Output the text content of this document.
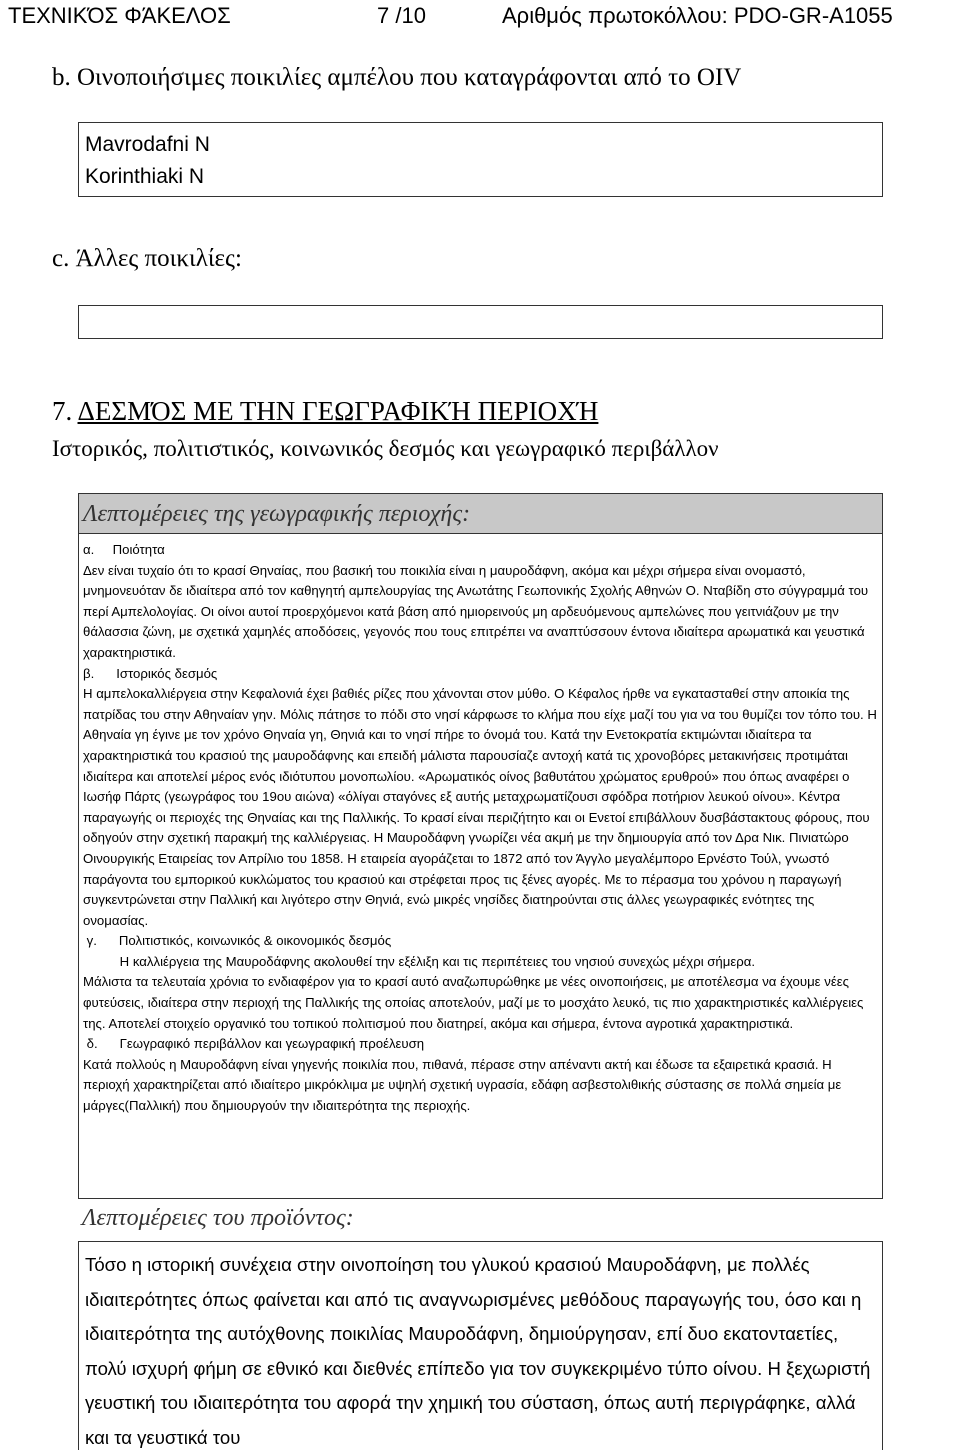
ΤΕΧΝΙΚΌΣ ΦΆΚΕΛΟΣ	7 /10	Αριθμός πρωτοκόλλου: PDO-GR-A1055
b. Οινοποιήσιμες ποικιλίες αμπέλου που καταγράφονται από το OIV
Mavrodafni N
Korinthiaki N
c. Άλλες ποικιλίες:
7. ΔΕΣΜΌΣ ΜΕ ΤΗΝ ΓΕΩΓΡΑΦΙΚΉ ΠΕΡΙΟΧΉ
Ιστορικός, πολιτιστικός, κοινωνικός δεσμός και γεωγραφικό περιβάλλον
Λεπτομέρειες της γεωγραφικής περιοχής:

α.     Ποιότητα

Δεν είναι τυχαίο ότι το κρασί Θηναίας, που βασική του ποικιλία είναι η μαυροδάφνη, ακόμα και μέχρι σήμερα είναι ονομαστό, μνημονευόταν δε ιδιαίτερα από τον καθηγητή αμπελουργίας της Ανωτάτης Γεωπονικής Σχολής Αθηνών Ο. Νταβίδη στο σύγγραμμά του περί Αμπελολογίας. Οι οίνοι αυτοί προερχόμενοι κατά βάση από ημιορεινούς μη αρδευόμενους αμπελώνες που γειτνιάζουν με την θάλασσια ζώνη, με σχετικά χαμηλές αποδόσεις, γεγονός που τους επιτρέπει να αναπτύσσουν έντονα ιδιαίτερα αρωματικά και γευστικά χαρακτηριστικά.

β.      Ιστορικός δεσμός

Η αμπελοκαλλιέργεια στην Κεφαλονιά έχει βαθιές ρίζες που χάνονται στον μύθο. Ο Κέφαλος ήρθε να εγκατασταθεί στην αποικία της πατρίδας του στην Αθηναίαν γην. Μόλις πάτησε το πόδι στο νησί κάρφωσε το κλήμα που είχε μαζί του για να του θυμίζει τον τόπο του. Η Αθηναία γη έγινε με τον χρόνο Θηναία γη, Θηνιά και το νησί πήρε το όνομά του. Κατά την Ενετοκρατία εκτιμώνται ιδιαίτερα τα χαρακτηριστικά του κρασιού της μαυροδάφνης και επειδή μάλιστα παρουσίαζε αντοχή κατά τις χρονοβόρες μετακινήσεις προτιμάται ιδιαίτερα και αποτελεί μέρος ενός ιδιότυπου μονοπωλίου. «Αρωματικός οίνος βαθυτάτου χρώματος ερυθρού» που όπως αναφέρει ο Ιωσήφ Πάρτς (γεωγράφος του 19ου αιώνα) «όλίγαι σταγόνες εξ αυτής μεταχρωματίζουσι σφόδρα ποτήριον λευκού οίνου». Κέντρα παραγωγής οι περιοχές της Θηναίας και της Παλλικής. Το κρασί είναι περιζήτητο και οι Ενετοί επιβάλλουν δυσβάστακτους φόρους, που οδηγούν στην σχετική παρακμή της καλλιέργειας. Η Μαυροδάφνη γνωρίζει νέα ακμή με την δημιουργία από τον Δρα Νικ. Πινιατώρο Οινουργικής Εταιρείας τον Απρίλιο του 1858. Η εταιρεία αγοράζεται το 1872 από τον Άγγλο μεγαλέμπορο Ερνέστο Τούλ, γνωστό παράγοντα του εμπορικού κυκλώματος του κρασιού και στρέφεται προς τις ξένες αγορές. Με το πέρασμα του χρόνου η παραγωγή συγκεντρώνεται στην Παλλική και λιγότερο στην Θηνιά, ενώ μικρές νησίδες διατηρούνται στις άλλες γεωγραφικές ενότητες της ονομασίας.

γ.      Πολιτιστικός, κοινωνικός & οικονομικός δεσμός

Η καλλιέργεια της Μαυροδάφνης ακολουθεί την εξέλιξη και τις περιπέτειες του νησιού συνεχώς μέχρι σήμερα.

Μάλιστα τα τελευταία χρόνια το ενδιαφέρον για το κρασί αυτό αναζωπυρώθηκε με νέες οινοποιήσεις, με αποτέλεσμα να έχουμε νέες φυτεύσεις, ιδιαίτερα στην περιοχή της Παλλικής της οποίας αποτελούν, μαζί με το μοσχάτο λευκό, τις πιο χαρακτηριστικές καλλιέργειες της. Αποτελεί στοιχείο οργανικό του τοπικού πολιτισμού που διατηρεί, ακόμα και σήμερα, έντονα αγροτικά χαρακτηριστικά.

δ.      Γεωγραφικό περιβάλλον και γεωγραφική προέλευση

Κατά πολλούς η Μαυροδάφνη είναι γηγενής ποικιλία που, πιθανά, πέρασε στην απέναντι ακτή και έδωσε τα εξαιρετικά κρασιά. Η περιοχή χαρακτηρίζεται από ιδιαίτερο μικρόκλιμα με υψηλή σχετική υγρασία, εδάφη ασβεστολιθικής σύστασης σε πολλά σημεία με μάργες(Παλλική) που δημιουργούν την ιδιαιτερότητα της περιοχής.

Λεπτομέρειες του προϊόντος:
Τόσο η ιστορική συνέχεια στην οινοποίηση του γλυκού κρασιού Μαυροδάφνη, με πολλές ιδιαιτερότητες όπως φαίνεται και από τις αναγνωρισμένες μεθόδους παραγωγής του, όσο και η ιδιαιτερότητα της αυτόχθονης ποικιλίας Μαυροδάφνη, δημιούργησαν, επί δυο εκατονταετίες, πολύ ισχυρή φήμη σε εθνικό και διεθνές επίπεδο για τον συγκεκριμένο τύπο οίνου. Η ξεχωριστή γευστική του ιδιαιτερότητα του αφορά την χημική του σύσταση, όπως αυτή περιγράφηκε, αλλά και τα γευστικά του
